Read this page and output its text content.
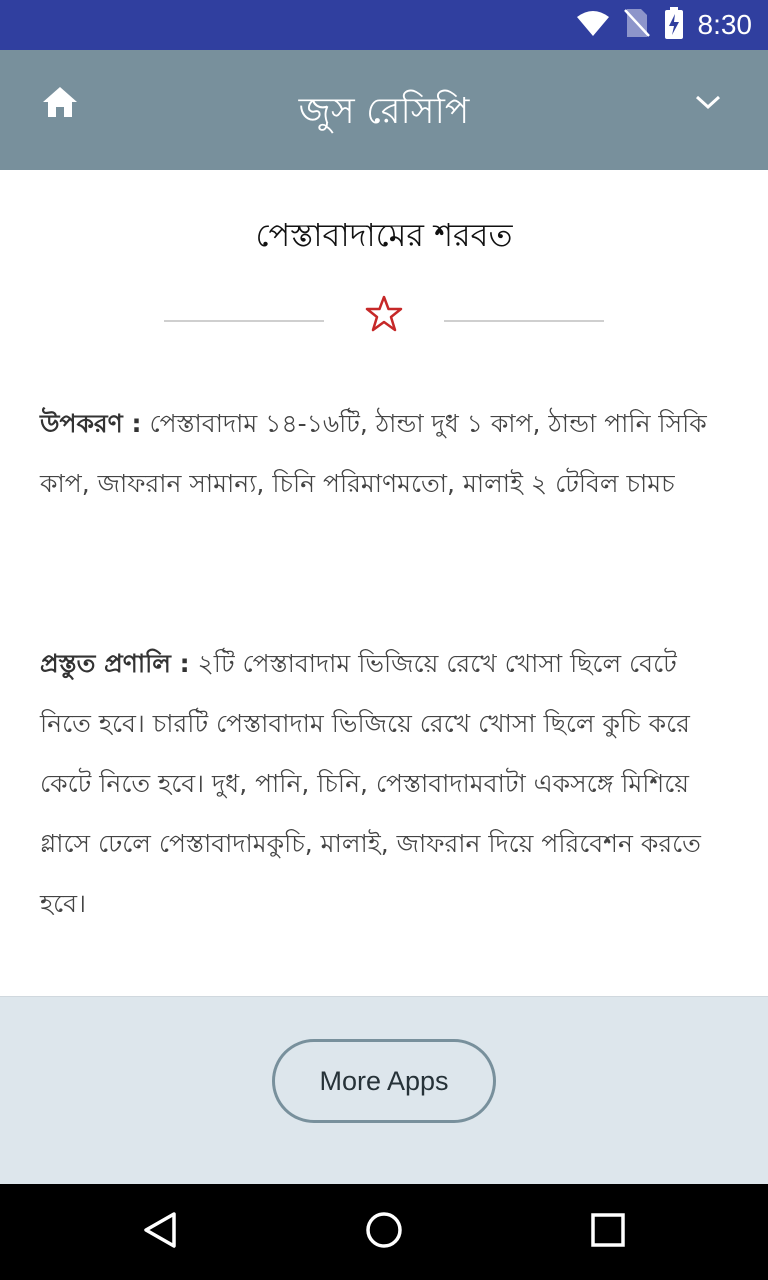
8:30
জুস রেসিপি
পেস্তাবাদামের শরবত

উপকরণ : পেস্তাবাদাম ১৪-১৬টি, ঠান্ডা দুধ ১ কাপ, ঠান্ডা পানি সিকি কাপ, জাফরান সামান্য, চিনি পরিমাণমতো, মালাই ২ টেবিল চামচ

প্রস্তুত প্রণালি : ২টি পেস্তাবাদাম ভিজিয়ে রেখে খোসা ছিলে বেটে নিতে হবে। চারটি পেস্তাবাদাম ভিজিয়ে রেখে খোসা ছিলে কুচি করে কেটে নিতে হবে। দুধ, পানি, চিনি, পেস্তাবাদামবাটা একসঙ্গে মিশিয়ে গ্লাসে ঢেলে পেস্তাবাদামকুচি, মালাই, জাফরান দিয়ে পরিবেশন করতে হবে।

More Apps
